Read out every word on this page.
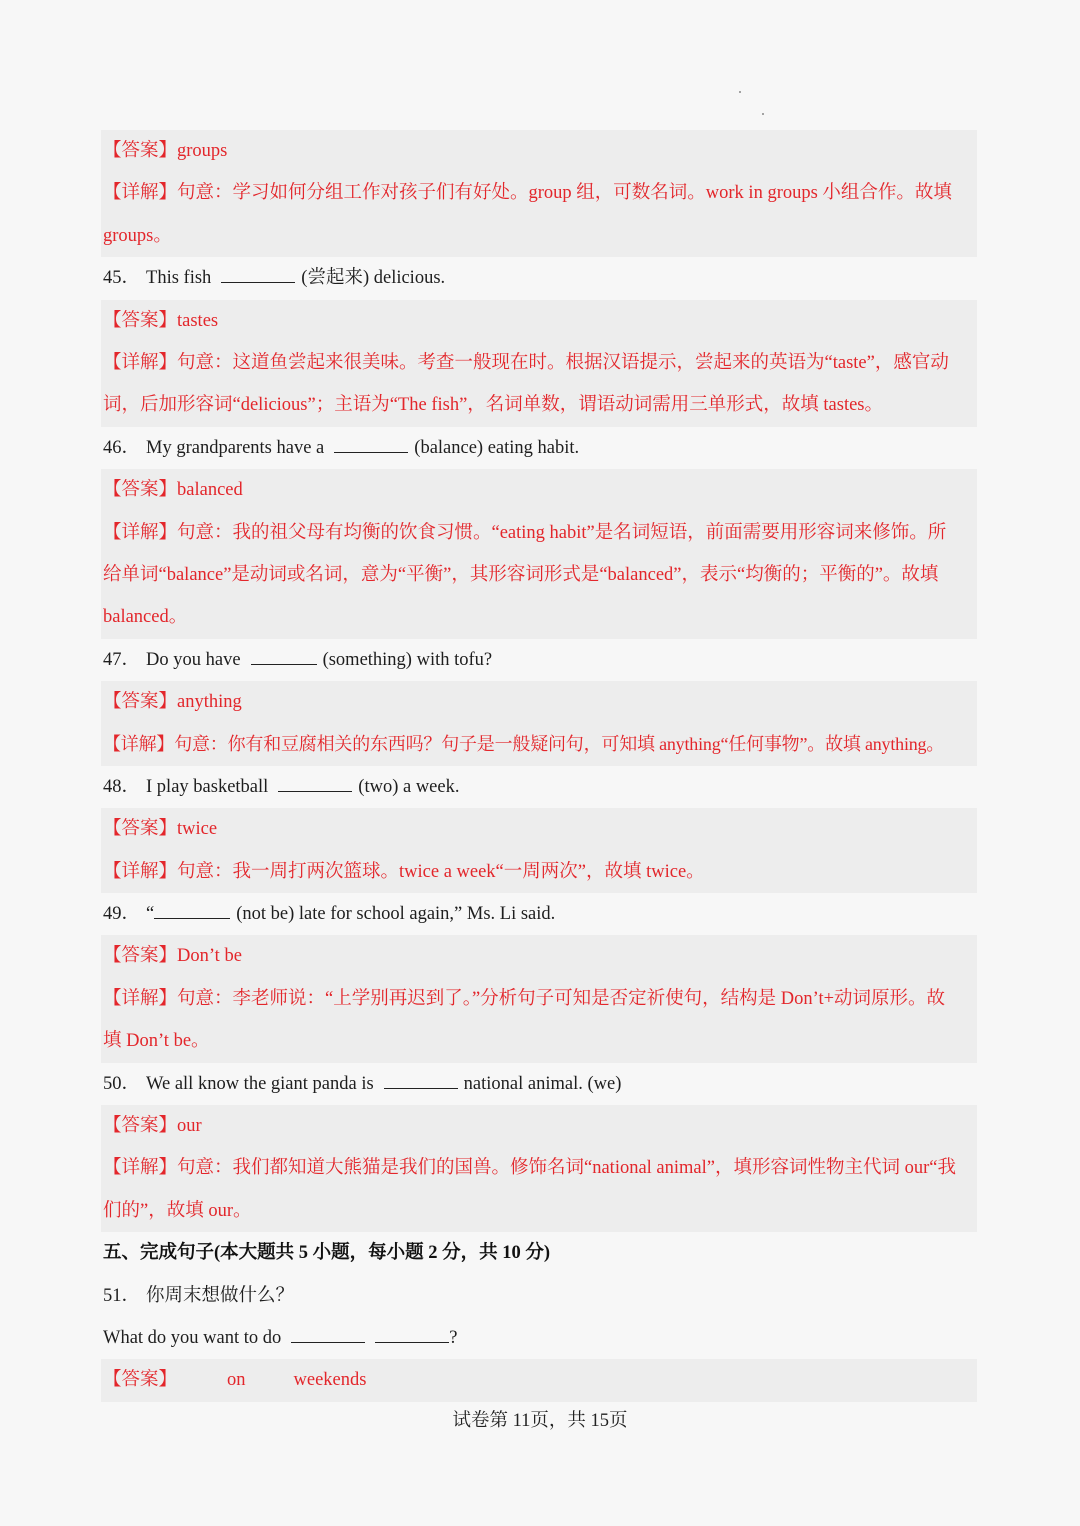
【答案】groups
【详解】句意：学习如何分组工作对孩子们有好处。group 组，可数名词。work in groups 小组合作。故填
groups。
45． This fish	(尝起来) delicious.
【答案】tastes
【详解】句意：这道鱼尝起来很美味。考查一般现在时。根据汉语提示，尝起来的英语为“taste”，感官动
词，后加形容词“delicious”；主语为“The fish”，名词单数，谓语动词需用三单形式，故填 tastes。
46． My grandparents have a	(balance) eating habit.
【答案】balanced
【详解】句意：我的祖父母有均衡的饮食习惯。“eating habit”是名词短语，前面需要用形容词来修饰。所
给单词“balance”是动词或名词，意为“平衡”，其形容词形式是“balanced”，表示“均衡的；平衡的”。故填
balanced。
47． Do you have	(something) with tofu?
【答案】anything
【详解】句意：你有和豆腐相关的东西吗？句子是一般疑问句，可知填 anything“任何事物”。故填 anything。
48． I play basketball	(two) a week.
【答案】twice
【详解】句意：我一周打两次篮球。twice a week“一周两次”，故填 twice。
49． “	(not be) late for school again,” Ms. Li said.
【答案】Don’t be
【详解】句意：李老师说：“上学别再迟到了。”分析句子可知是否定祈使句，结构是 Don’t+动词原形。故
填 Don’t be。
50． We all know the giant panda is	national animal. (we)
【答案】our
【详解】句意：我们都知道大熊猫是我们的国兽。修饰名词“national animal”，填形容词性物主代词 our“我
们的”，故填 our。
五、完成句子(本大题共 5 小题，每小题 2 分，共 10 分)
51． 你周末想做什么？
What do you want to do	?
【答案】	on	weekends
试卷第 11页，共 15页
